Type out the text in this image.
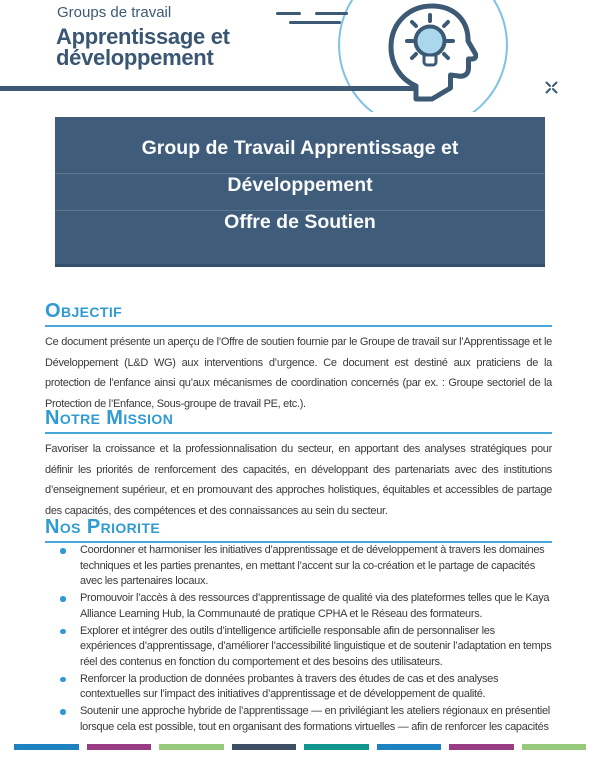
Groups de travail
Apprentissage et
développement
Group de Travail Apprentissage et
Développement
Offre de Soutien
Objectif

Ce document présente un aperçu de l’Offre de soutien fournie par le Groupe de travail sur l’Apprentissage et le Développement (L&D WG) aux interventions d’urgence. Ce document est destiné aux praticiens de la protection de l’enfance ainsi qu’aux mécanismes de coordination concernés (par ex. : Groupe sectoriel de la Protection de l’Enfance, Sous-groupe de travail PE, etc.).

Notre Mission

Favoriser la croissance et la professionnalisation du secteur, en apportant des analyses stratégiques pour définir les priorités de renforcement des capacités, en développant des partenariats avec des institutions d’enseignement supérieur, et en promouvant des approches holistiques, équitables et accessibles de partage des capacités, des compétences et des connaissances au sein du secteur.

Nos Priorite
Coordonner et harmoniser les initiatives d’apprentissage et de développement à travers les domaines techniques et les parties prenantes, en mettant l’accent sur la co-création et le partage de capacités avec les partenaires locaux.
Promouvoir l’accès à des ressources d’apprentissage de qualité via des plateformes telles que le Kaya Alliance Learning Hub, la Communauté de pratique CPHA et le Réseau des formateurs.
Explorer et intégrer des outils d’intelligence artificielle responsable afin de personnaliser les expériences d’apprentissage, d’améliorer l’accessibilité linguistique et de soutenir l’adaptation en temps réel des contenus en fonction du comportement et des besoins des utilisateurs.
Renforcer la production de données probantes à travers des études de cas et des analyses contextuelles sur l’impact des initiatives d’apprentissage et de développement de qualité.
Soutenir une approche hybride de l’apprentissage — en privilégiant les ateliers régionaux en présentiel lorsque cela est possible, tout en organisant des formations virtuelles — afin de renforcer les capacités
